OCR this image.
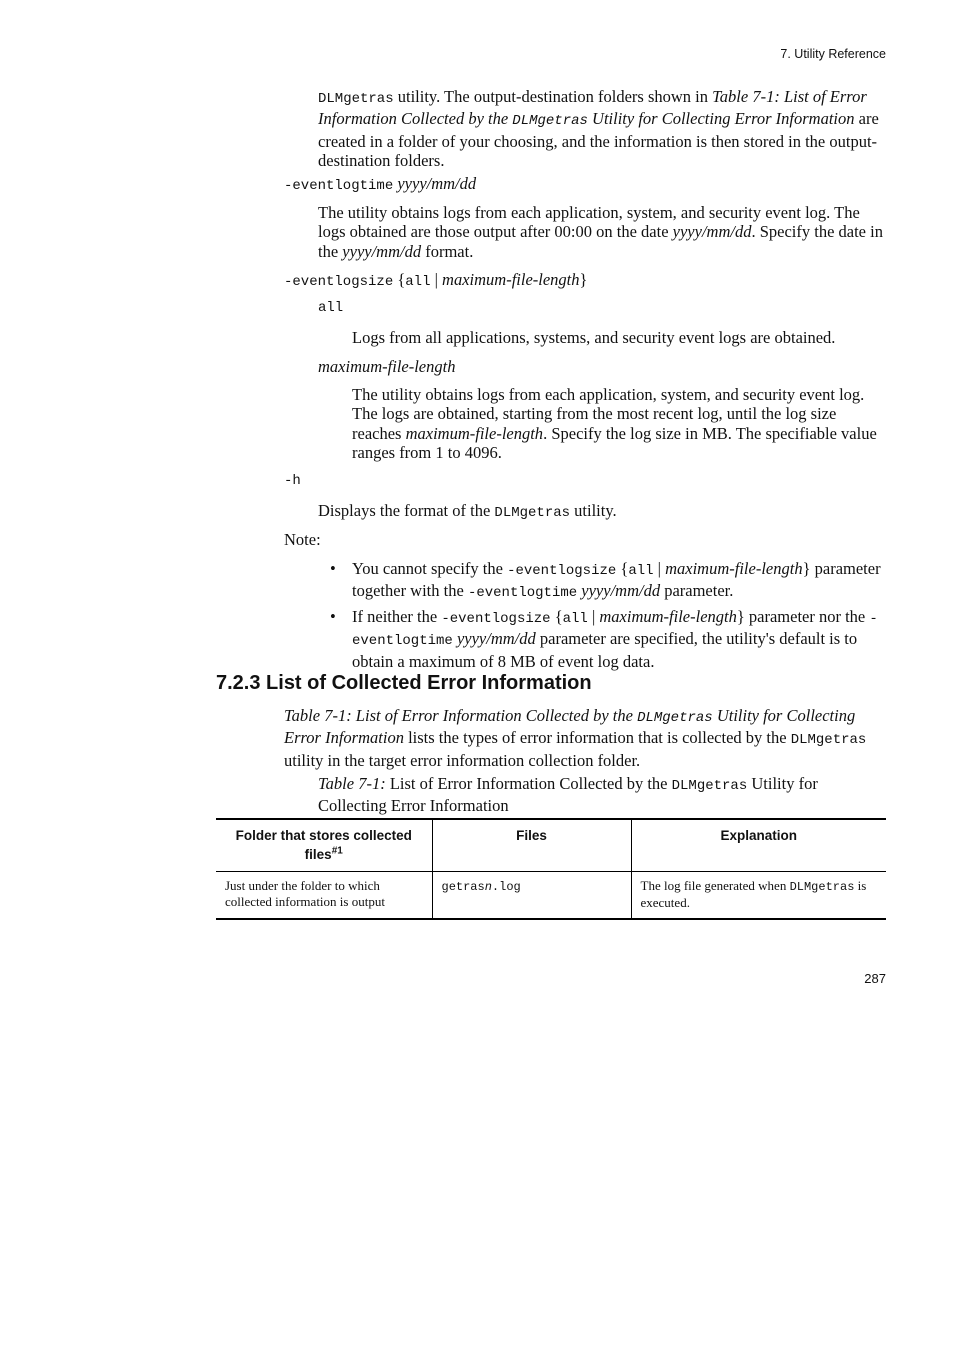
7. Utility Reference

DLMgetras utility. The output-destination folders shown in Table 7-1: List of Error Information Collected by the DLMgetras Utility for Collecting Error Information are created in a folder of your choosing, and the information is then stored in the output-destination folders.

-eventlogtime yyyy/mm/dd

The utility obtains logs from each application, system, and security event log. The logs obtained are those output after 00:00 on the date yyyy/mm/dd. Specify the date in the yyyy/mm/dd format.

-eventlogsize {all | maximum-file-length}
all

Logs from all applications, systems, and security event logs are obtained.

maximum-file-length

The utility obtains logs from each application, system, and security event log. The logs are obtained, starting from the most recent log, until the log size reaches maximum-file-length. Specify the log size in MB. The specifiable value ranges from 1 to 4096.

-h

Displays the format of the DLMgetras utility.

Note:
• You cannot specify the -eventlogsize {all | maximum-file-length} parameter together with the -eventlogtime yyyy/mm/dd parameter.
• If neither the -eventlogsize {all | maximum-file-length} parameter nor the -eventlogtime yyyy/mm/dd parameter are specified, the utility's default is to obtain a maximum of 8 MB of event log data.
7.2.3 List of Collected Error Information

Table 7-1: List of Error Information Collected by the DLMgetras Utility for Collecting Error Information lists the types of error information that is collected by the DLMgetras utility in the target error information collection folder.

Table 7-1: List of Error Information Collected by the DLMgetras Utility for Collecting Error Information

Folder that stores collected files$^{\#1}$	Files	Explanation
Just under the folder to which collected information is output	getrasn.log	The log file generated when DLMgetras is executed.
287
